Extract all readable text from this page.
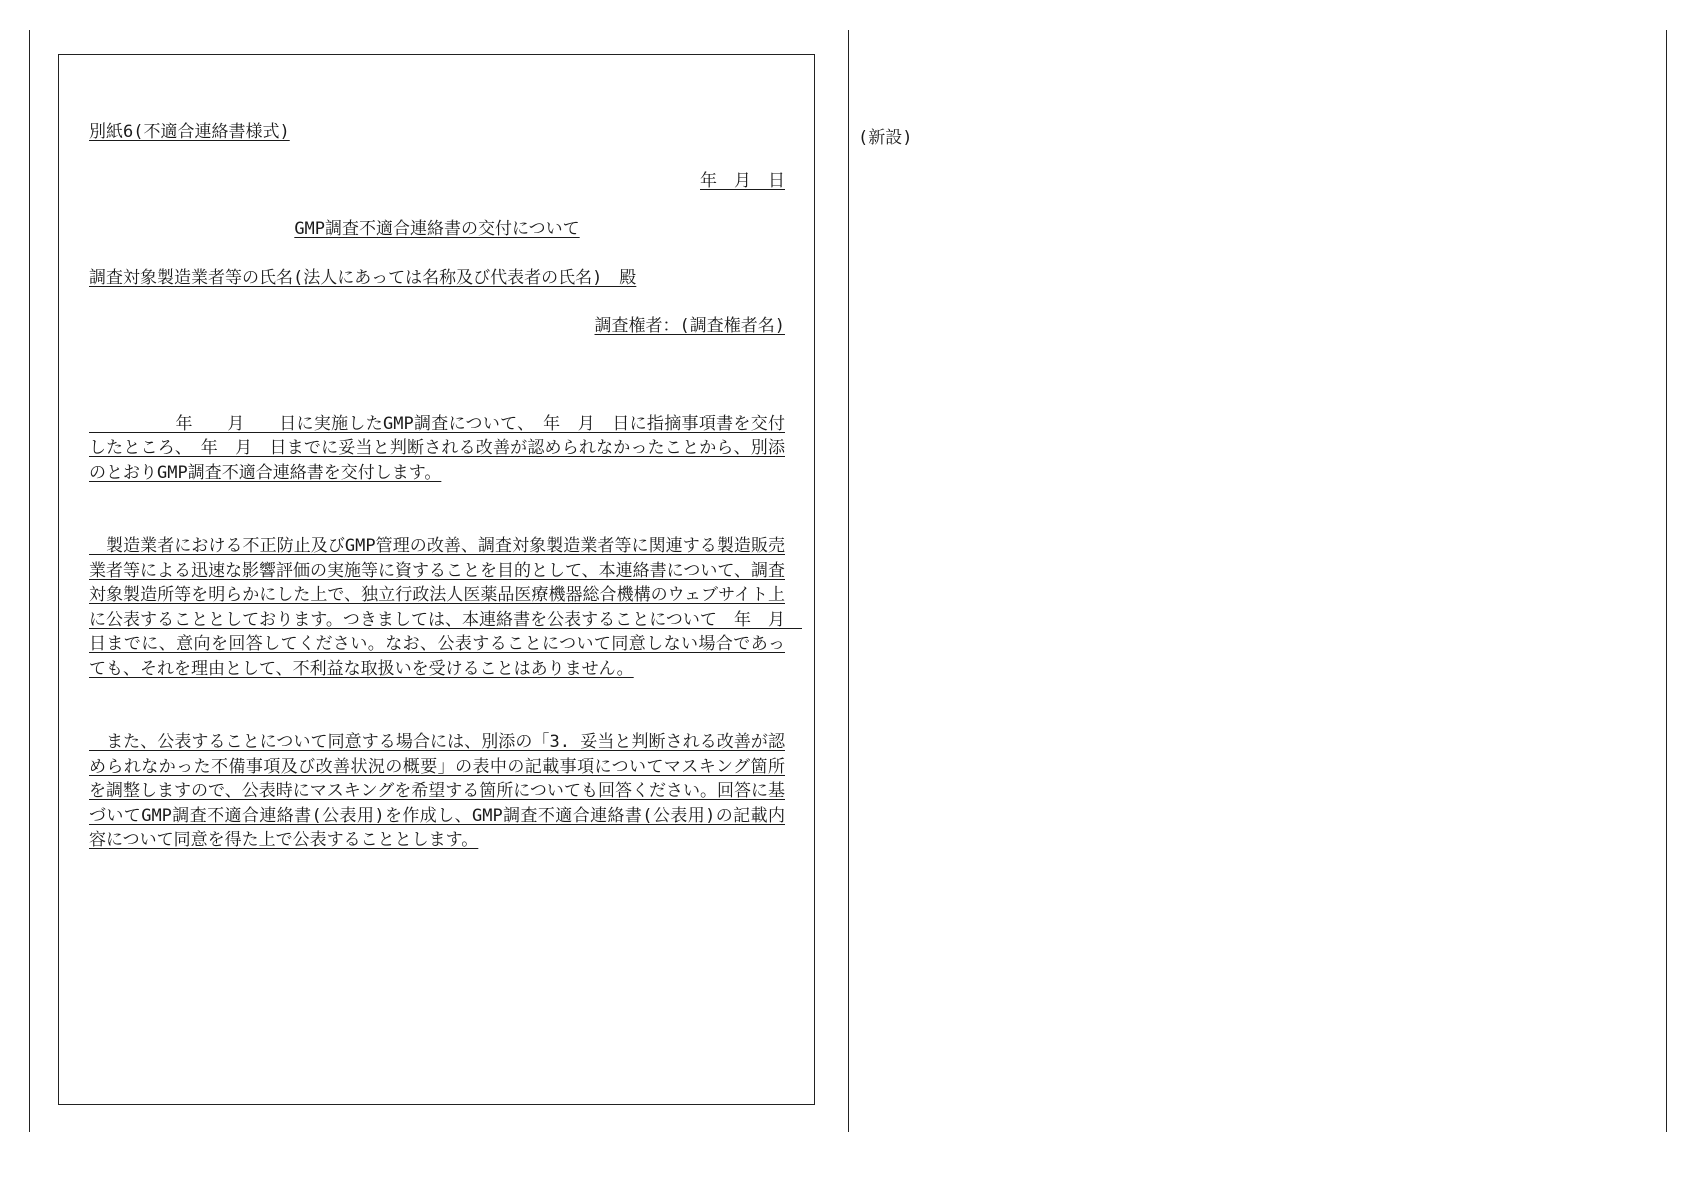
別紙6(不適合連絡書様式)
年　月　日
GMP調査不適合連絡書の交付について
調査対象製造業者等の氏名(法人にあっては名称及び代表者の氏名)　殿
調査権者：(調査権者名)

　　　　　年　　月　　日に実施したGMP調査について、　年　月　日に指摘事項書を交付したところ、　年　月　日までに妥当と判断される改善が認められなかったことから、別添のとおりGMP調査不適合連絡書を交付します。

　製造業者における不正防止及びGMP管理の改善、調査対象製造業者等に関連する製造販売業者等による迅速な影響評価の実施等に資することを目的として、本連絡書について、調査対象製造所等を明らかにした上で、独立行政法人医薬品医療機器総合機構のウェブサイト上に公表することとしております。つきましては、本連絡書を公表することについて　年　月　日までに、意向を回答してください。なお、公表することについて同意しない場合であっても、それを理由として、不利益な取扱いを受けることはありません。

　また、公表することについて同意する場合には、別添の「3. 妥当と判断される改善が認められなかった不備事項及び改善状況の概要」の表中の記載事項についてマスキング箇所を調整しますので、公表時にマスキングを希望する箇所についても回答ください。回答に基づいてGMP調査不適合連絡書(公表用)を作成し、GMP調査不適合連絡書(公表用)の記載内容について同意を得た上で公表することとします。

(新設)
